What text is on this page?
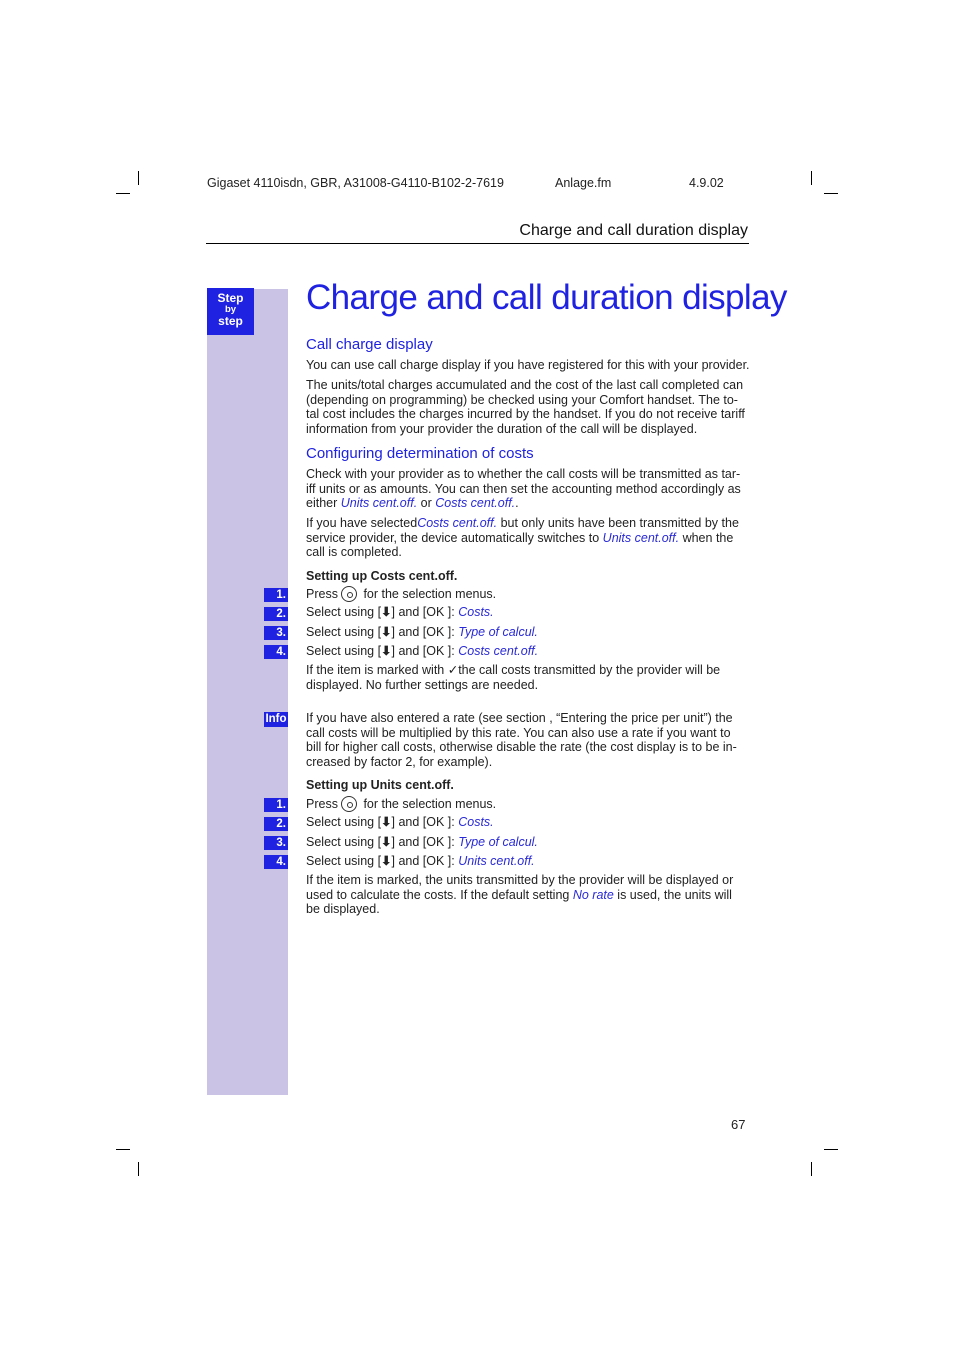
Gigaset 4110isdn, GBR, A31008-G4110-B102-2-7619	Anlage.fm	4.9.02
Charge and call duration display
Step
by
step
Charge and call duration display
Call charge display
You can use call charge display if you have registered for this with your provider.
The units/total charges accumulated and the cost of the last call completed can (depending on programming) be checked using your Comfort handset. The to-tal cost includes the charges incurred by the handset. If you do not receive tariff information from your provider the duration of the call will be displayed.
Configuring determination of costs
Check with your provider as to whether the call costs will be transmitted as tar-iff units or as amounts. You can then set the accounting method accordingly as either Units cent.off. or Costs cent.off..
If you have selectedCosts cent.off. but only units have been transmitted by the service provider, the device automatically switches to Units cent.off. when the call is completed.
Setting up Costs cent.off.
1. Press for the selection menus.
2. Select using [⬇] and [OK ]: Costs.
3. Select using [⬇] and [OK ]: Type of calcul.
4. Select using [⬇] and [OK ]: Costs cent.off.
If the item is marked with ✓the call costs transmitted by the provider will be displayed. No further settings are needed.
Info If you have also entered a rate (see section , “Entering the price per unit”) the call costs will be multiplied by this rate. You can also use a rate if you want to bill for higher call costs, otherwise disable the rate (the cost display is to be in-creased by factor 2, for example).
Setting up Units cent.off.
1. Press for the selection menus.
2. Select using [⬇] and [OK ]: Costs.
3. Select using [⬇] and [OK ]: Type of calcul.
4. Select using [⬇] and [OK ]: Units cent.off.
If the item is marked, the units transmitted by the provider will be displayed or used to calculate the costs. If the default setting No rate is used, the units will be displayed.
67
